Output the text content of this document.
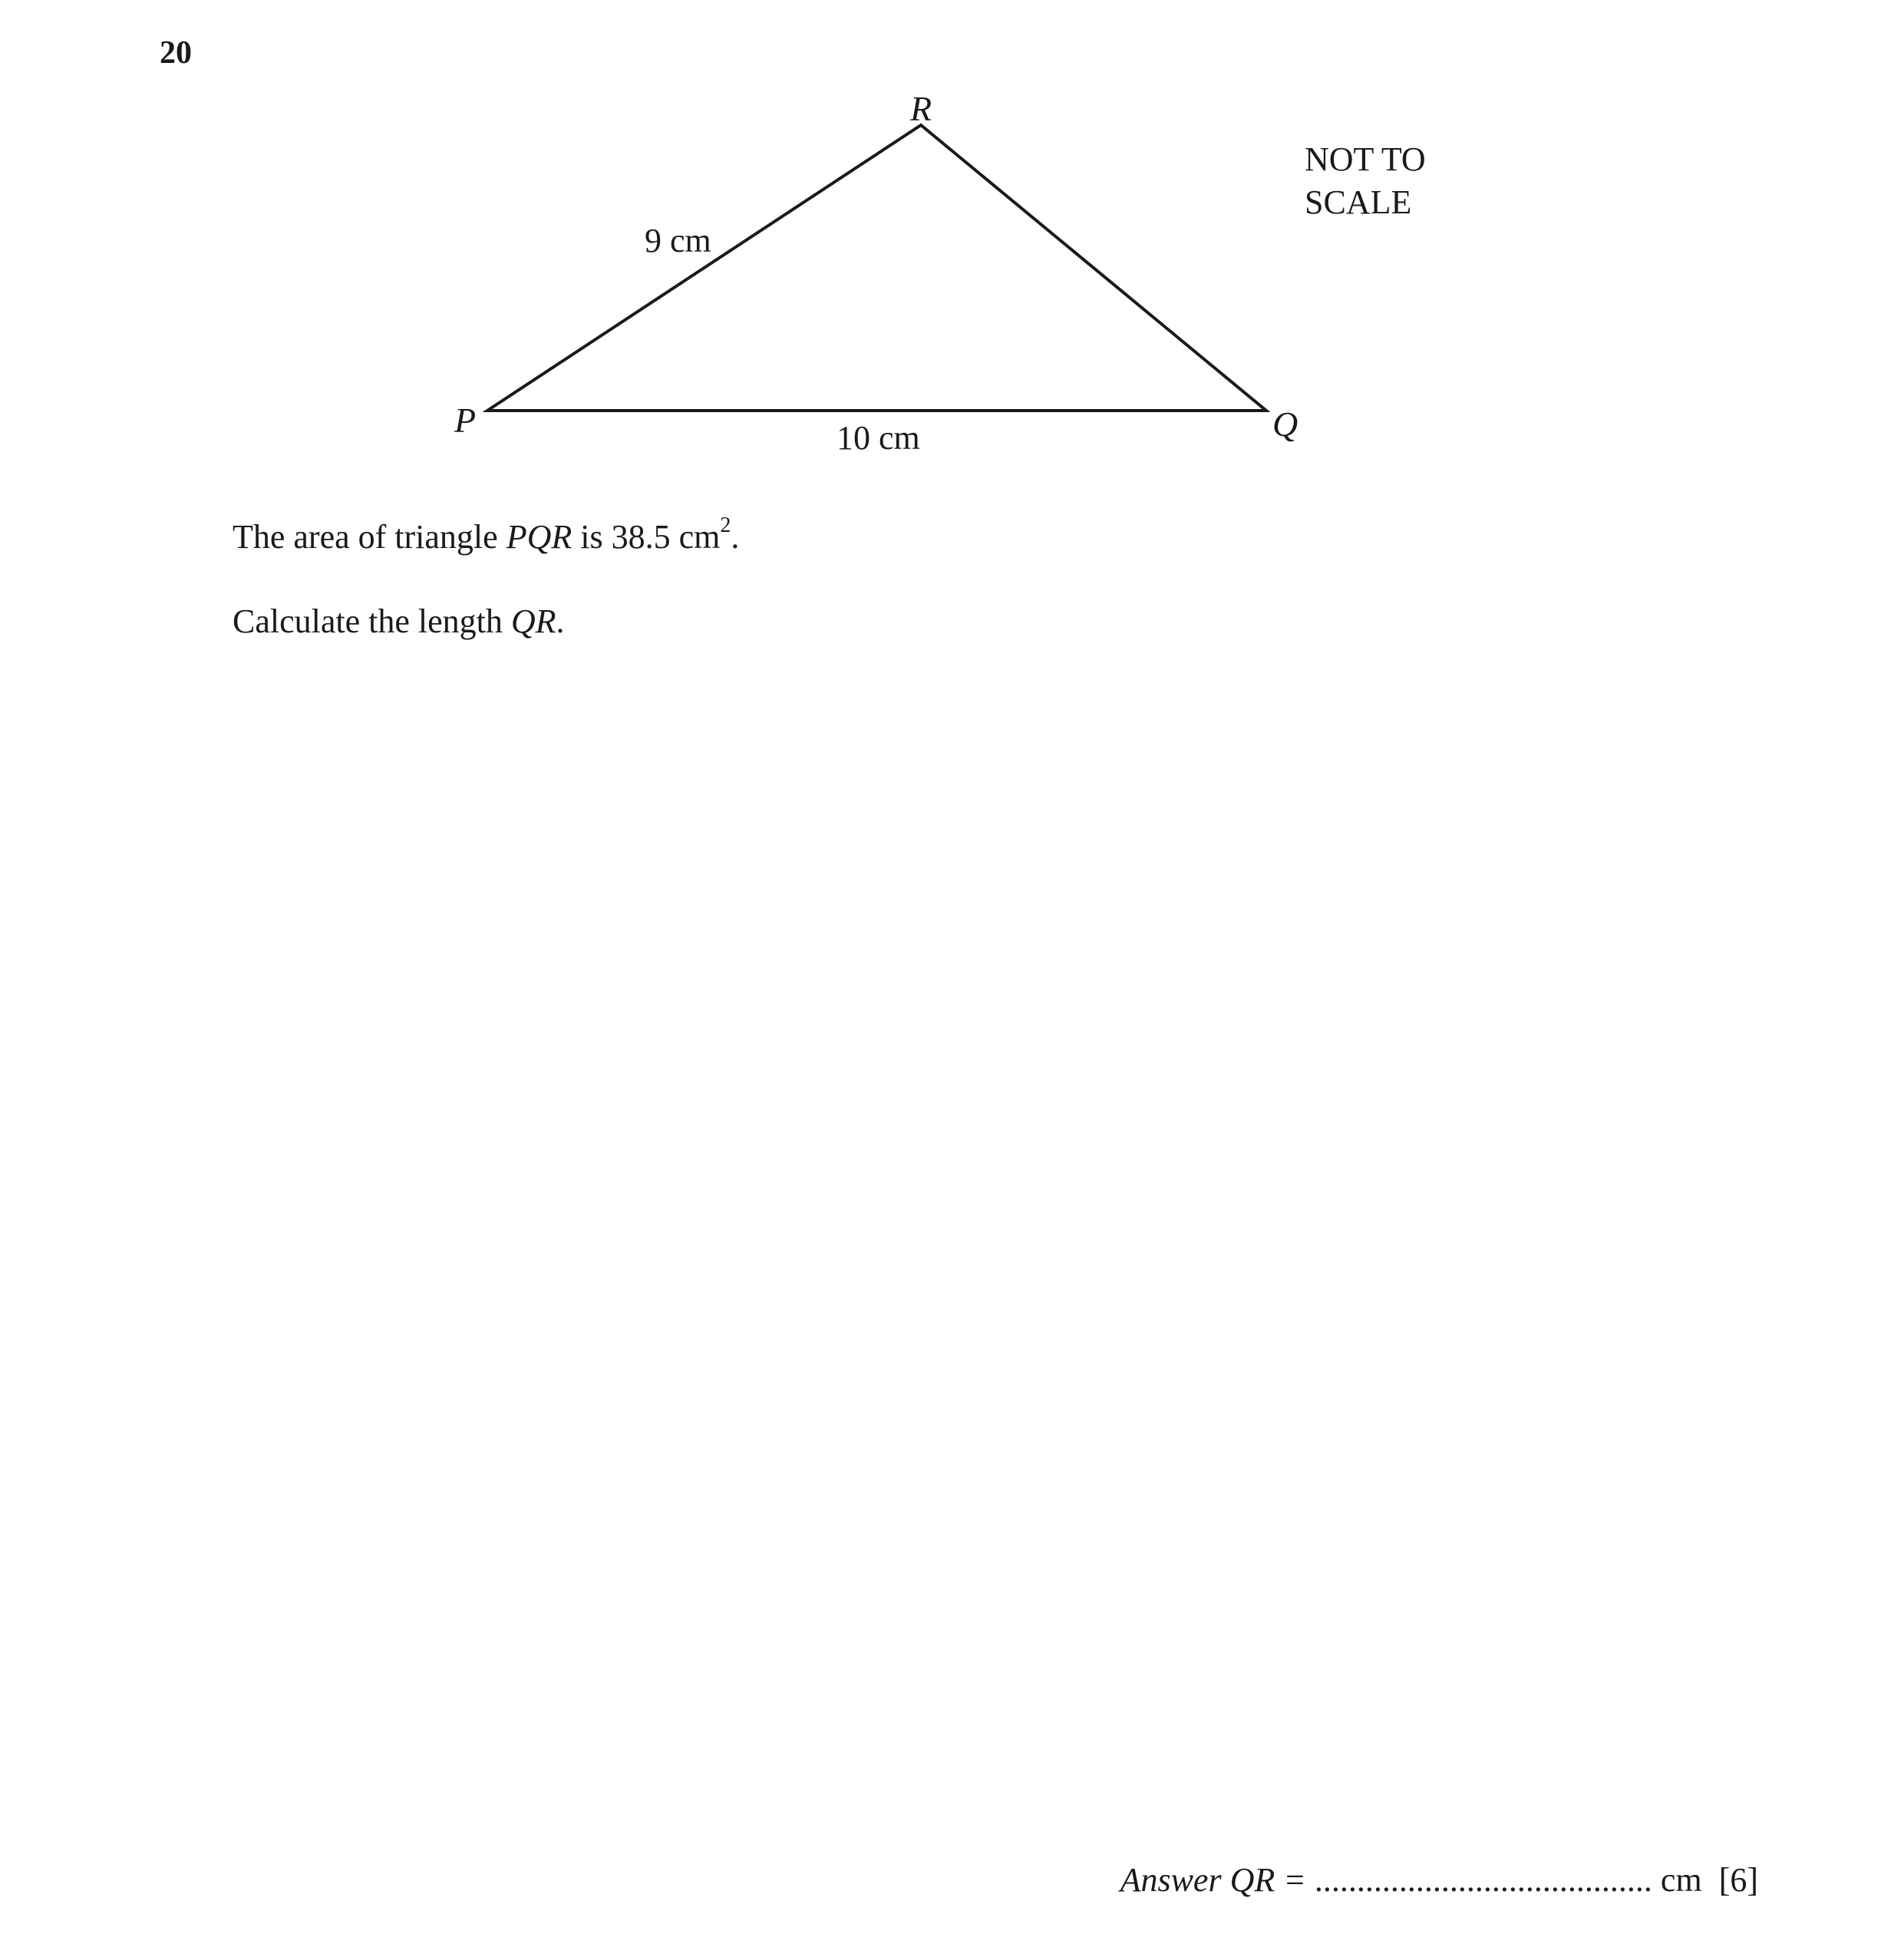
20
R
P	Q
9 cm
10 cm
NOT TO
SCALE
The area of triangle PQR is 38.5 $cm^2$.
Calculate the length QR.
Answer QR = ........................................ cm [6]
